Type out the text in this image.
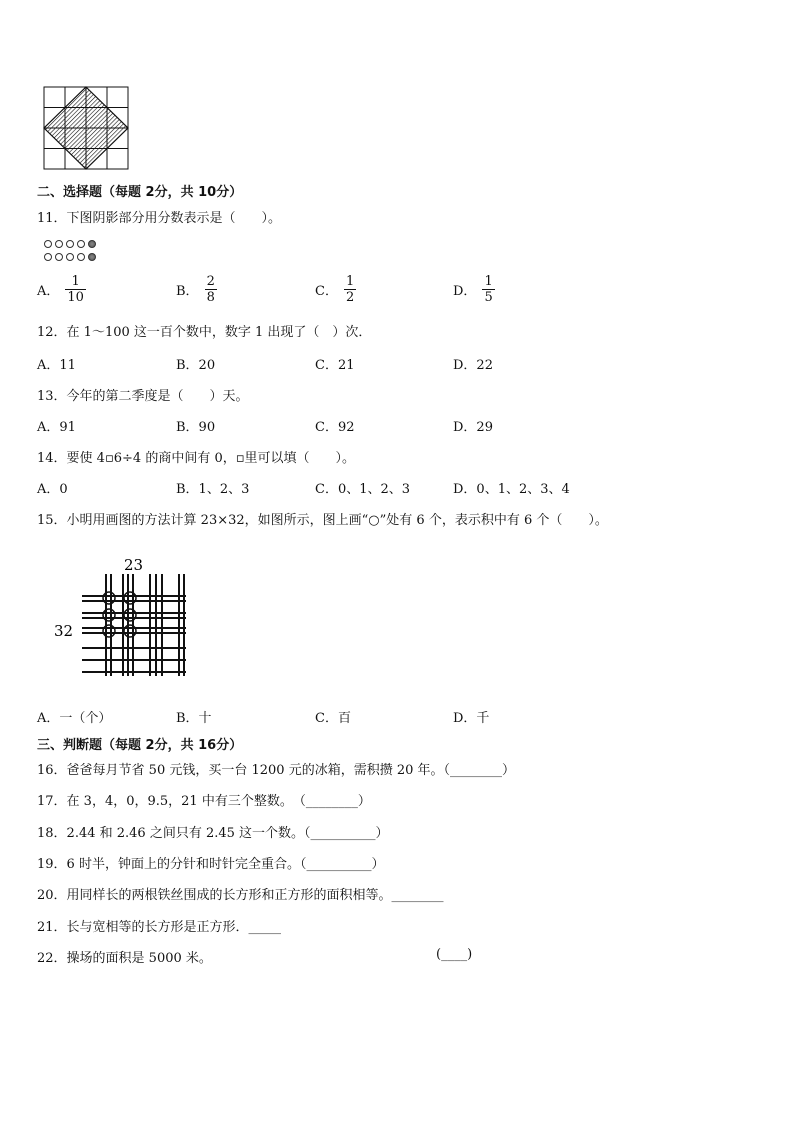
二、选择题（每题 2分，共 10分）
11．下图阴影部分用分数表示是（　　）。
A． $\frac{1}{10}$	B． $\frac{2}{8}$	C． $\frac{1}{2}$	D． $\frac{1}{5}$
12．在 1～100 这一百个数中，数字 1 出现了（　）次．
A．11	B．20	C．21	D．22
13．今年的第二季度是（　　）天。
A．91	B．90	C．92	D．29
14．要使 4▫6÷4 的商中间有 0，▫里可以填（　　）。
A．0	B．1、2、3	C．0、1、2、3	D．0、1、2、3、4
15．小明用画图的方法计算 23×32，如图所示，图上画“○”处有 6 个，表示积中有 6 个（　　）。
23
32
A．一（个）	B．十	C．百	D．千
三、判断题（每题 2分，共 16分）
16．爸爸每月节省 50 元钱，买一台 1200 元的冰箱，需积攒 20 年。（________）
17．在 3，4，0，9.5，21 中有三个整数。　（________）
18．2.44 和 2.46 之间只有 2.45 这一个数。（__________）
19．6 时半，钟面上的分针和时针完全重合。（__________）
20．用同样长的两根铁丝围成的长方形和正方形的面积相等。________
21．长与宽相等的长方形是正方形．_____
22．操场的面积是 5000 米。	(____)
